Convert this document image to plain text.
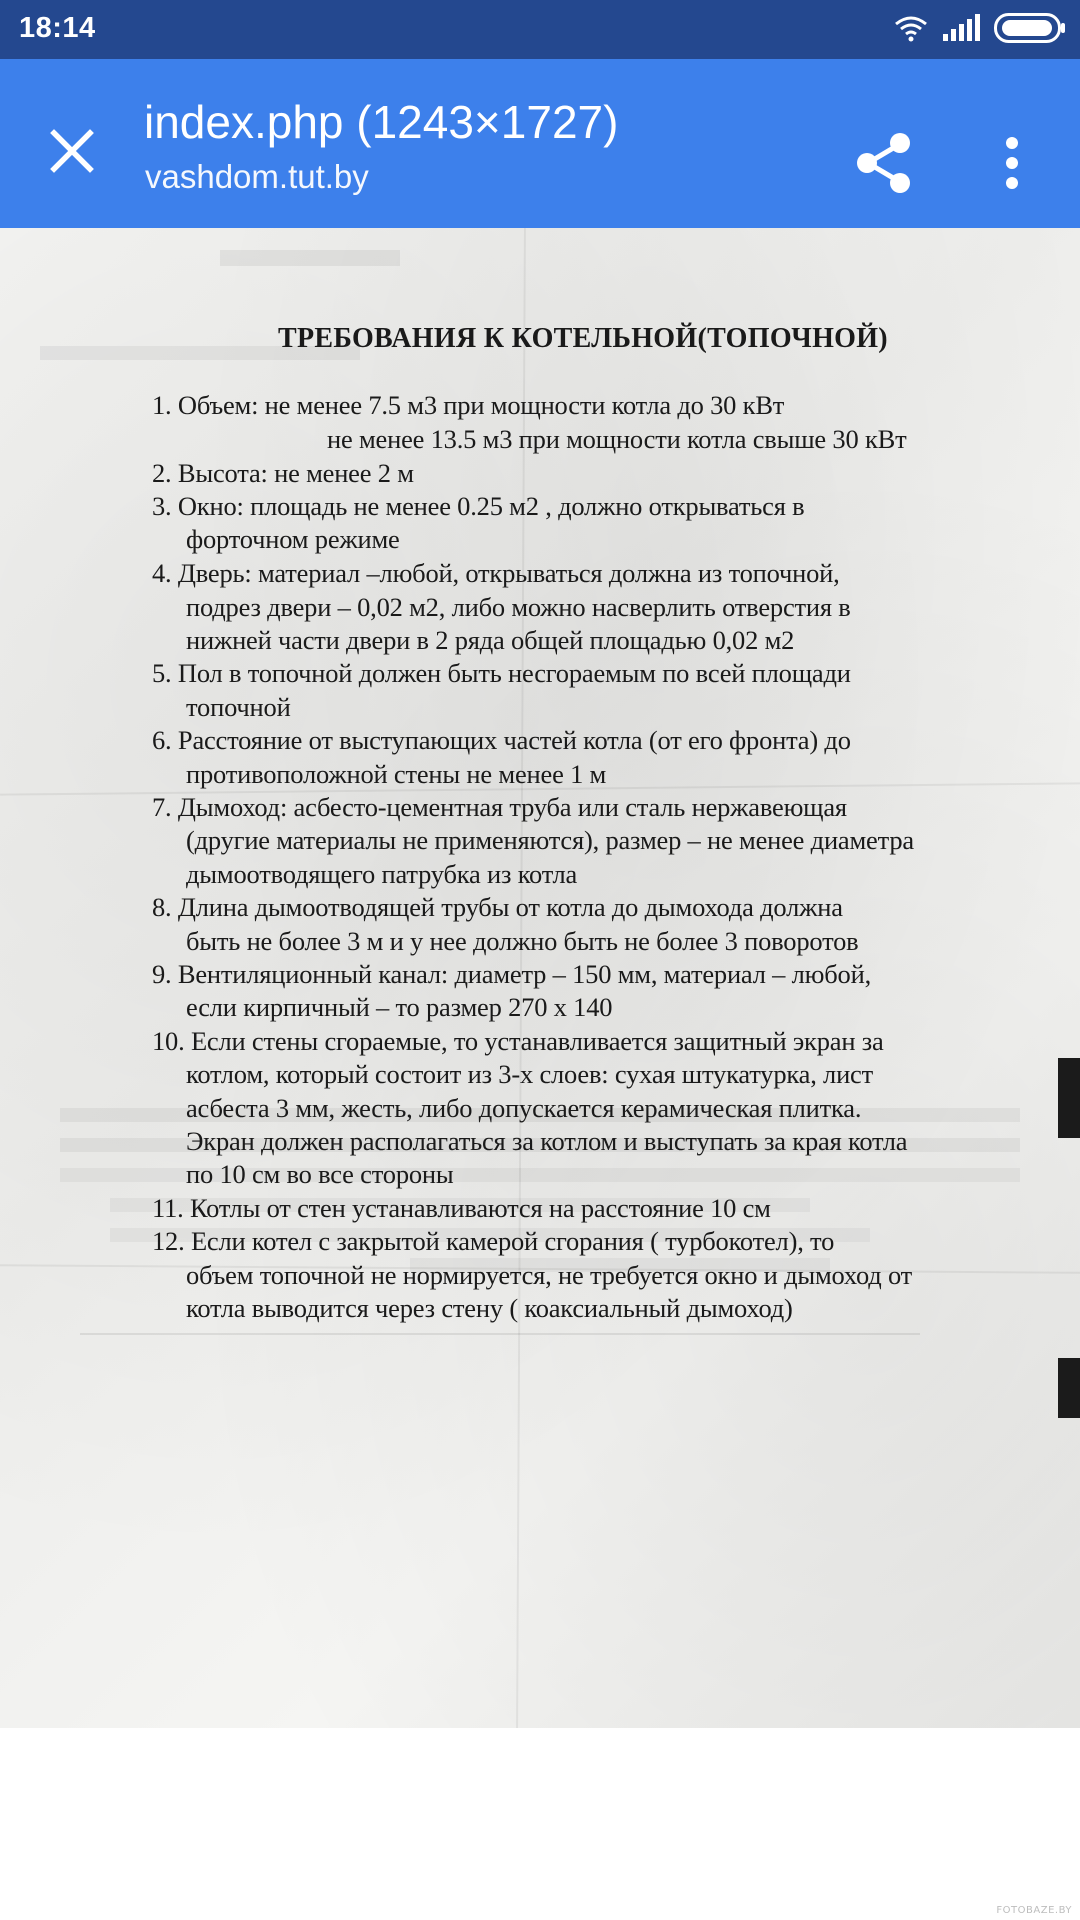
18:14
index.php (1243×1727)
vashdom.tut.by
ТРЕБОВАНИЯ К КОТЕЛЬНОЙ(ТОПОЧНОЙ)
1. Объем: не менее 7.5 м3 при мощности котла до 30 кВт
не менее 13.5 м3 при мощности котла свыше 30 кВт
2. Высота: не менее 2 м
3. Окно: площадь не менее 0.25 м2 , должно открываться в
форточном режиме
4. Дверь: материал –любой, открываться должна из топочной,
подрез двери – 0,02 м2, либо можно насверлить отверстия в
нижней части двери в 2 ряда общей площадью 0,02 м2
5. Пол в топочной должен быть несгораемым по всей площади
топочной
6. Расстояние от выступающих частей котла (от его фронта) до
противоположной стены не менее 1 м
7. Дымоход: асбесто-цементная труба или сталь нержавеющая
(другие материалы не применяются), размер – не менее диаметра
дымоотводящего патрубка из котла
8. Длина дымоотводящей трубы от котла до дымохода должна
быть не более 3 м и у нее должно быть не более 3 поворотов
9. Вентиляционный канал: диаметр – 150 мм, материал – любой,
если кирпичный – то размер 270 х 140
10. Если стены сгораемые, то устанавливается защитный экран за
котлом, который состоит из 3-х слоев: сухая штукатурка, лист
асбеста 3 мм, жесть, либо допускается керамическая плитка.
Экран должен располагаться за котлом и выступать за края котла
по 10 см во все стороны
11. Котлы от стен устанавливаются на расстояние 10 см
12. Если котел с закрытой камерой сгорания ( турбокотел), то
объем топочной не нормируется, не требуется окно и дымоход от
котла выводится через стену ( коаксиальный дымоход)
FOTOBAZE.BY
